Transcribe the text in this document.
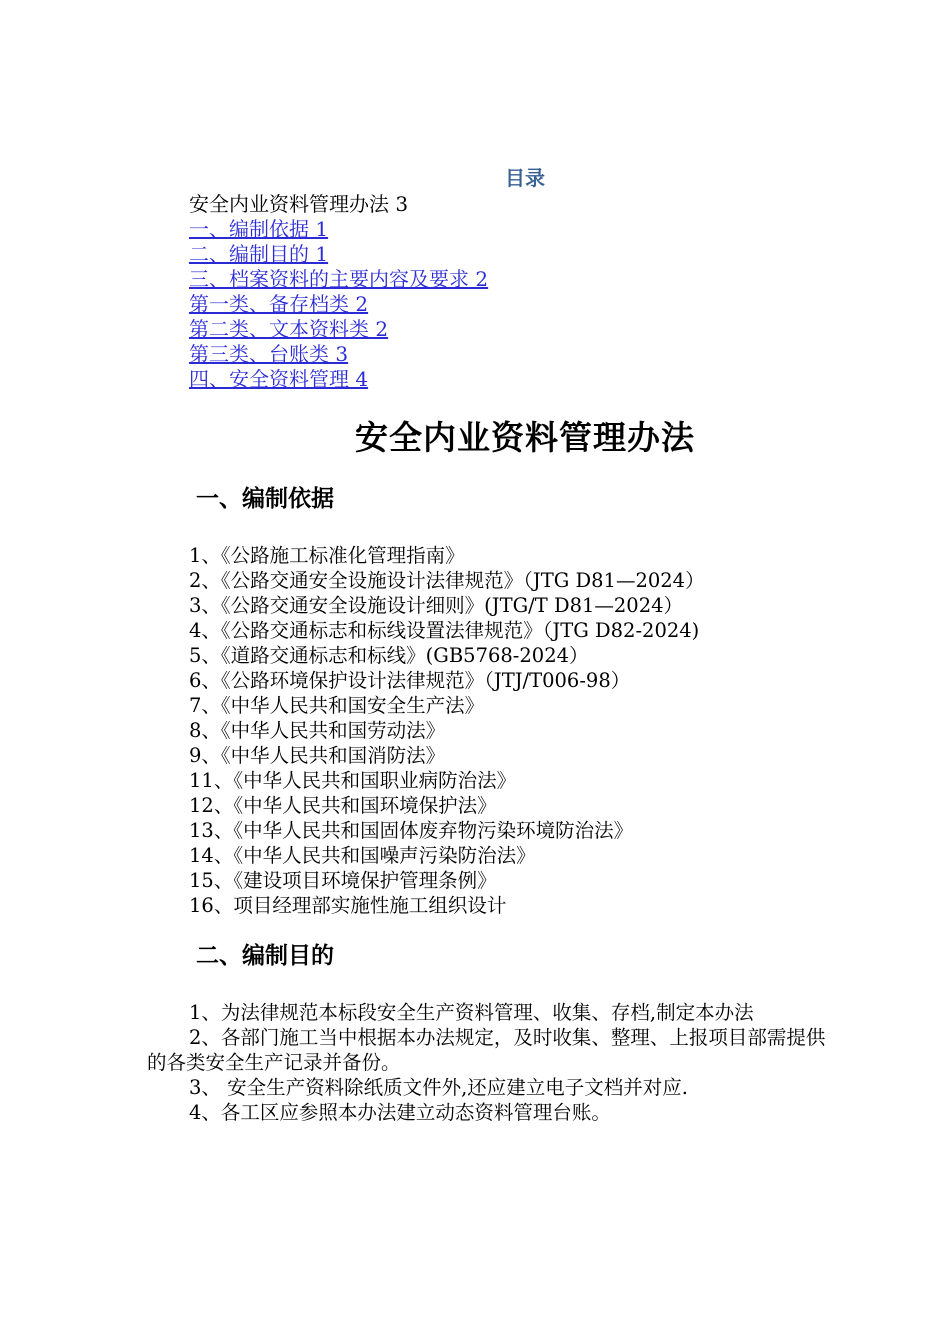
目录
安全内业资料管理办法 3
一、编制依据 1
二、编制目的 1
三、档案资料的主要内容及要求 2
第一类、备存档类 2
第二类、文本资料类 2
第三类、台账类 3
四、安全资料管理 4
安全内业资料管理办法
一、编制依据
1、《公路施工标准化管理指南》
2、《公路交通安全设施设计法律规范》（JTG D81—2024）
3、《公路交通安全设施设计细则》(JTG/T D81—2024）
4、《公路交通标志和标线设置法律规范》（JTG D82-2024)
5、《道路交通标志和标线》(GB5768-2024）
6、《公路环境保护设计法律规范》（JTJ/T006-98）
7、《中华人民共和国安全生产法》
8、《中华人民共和国劳动法》
9、《中华人民共和国消防法》
11、《中华人民共和国职业病防治法》
12、《中华人民共和国环境保护法》
13、《中华人民共和国固体废弃物污染环境防治法》
14、《中华人民共和国噪声污染防治法》
15、《建设项目环境保护管理条例》
16、项目经理部实施性施工组织设计
二、编制目的

1、为法律规范本标段安全生产资料管理、收集、存档,制定本办法

2、各部门施工当中根据本办法规定，及时收集、整理、上报项目部需提供的各类安全生产记录并备份。

3、 安全生产资料除纸质文件外,还应建立电子文档并对应.

4、各工区应参照本办法建立动态资料管理台账。
